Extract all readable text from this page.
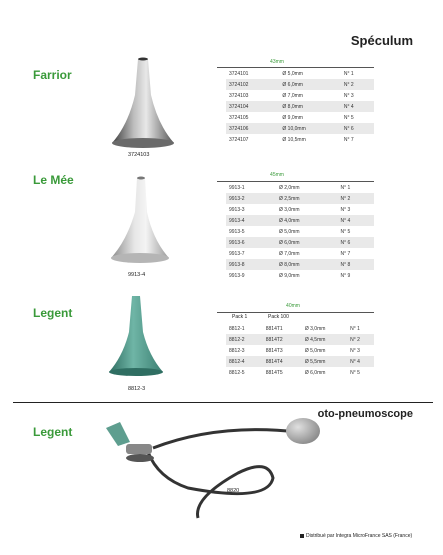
Spéculum
Farrior
3724103
43mm
3724101	Ø 5,0mm	N° 1
3724102	Ø 6,0mm	N° 2
3724103	Ø 7,0mm	N° 3
3724104	Ø 8,0mm	N° 4
3724105	Ø 9,0mm	N° 5
3724106	Ø 10,0mm	N° 6
3724107	Ø 10,5mm	N° 7
Le Mée
9913-4
45mm
9913-1	Ø 2,0mm	N° 1
9913-2	Ø 2,5mm	N° 2
9913-3	Ø 3,0mm	N° 3
9913-4	Ø 4,0mm	N° 4
9913-5	Ø 5,0mm	N° 5
9913-6	Ø 6,0mm	N° 6
9913-7	Ø 7,0mm	N° 7
9913-8	Ø 8,0mm	N° 8
9913-9	Ø 9,0mm	N° 9
Legent
8812-3
40mm
Pack 1	Pack 100
8812-1	8814T1	Ø 3,0mm	N° 1
8812-2	8814T2	Ø 4,5mm	N° 2
8812-3	8814T3	Ø 5,0mm	N° 3
8812-4	8814T4	Ø 5,5mm	N° 4
8812-5	8814T5	Ø 6,0mm	N° 5
oto-pneumoscope
Legent
8820
Distribué par Integra MicroFrance SAS (France)
